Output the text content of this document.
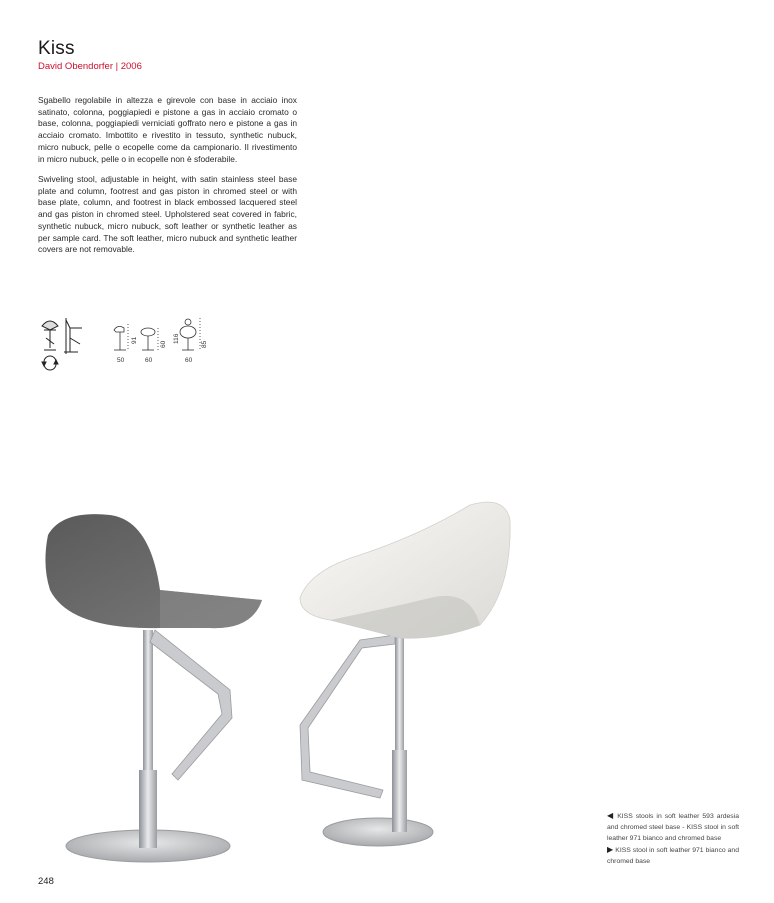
Kiss
David Obendorfer | 2006

Sgabello regolabile in altezza e girevole con base in acciaio inox satinato, colonna, poggiapiedi e pistone a gas in acciaio cromato o base, colonna, poggiapiedi verniciati goffrato nero e pistone a gas in acciaio cromato. Imbottito e rivestito in tessuto, synthetic nubuck, micro nubuck, pelle o ecopelle come da campionario. Il rivestimento in micro nubuck, pelle o in ecopelle non è sfoderabile.

Swiveling stool, adjustable in height, with satin stainless steel base plate and column, footrest and gas piston in chromed steel or with base plate, column, and footrest in black embossed lacquered steel and gas piston in chromed steel. Upholstered seat covered in fabric, synthetic nubuck, micro nubuck, soft leather or synthetic leather as per sample card. The soft leather, micro nubuck and synthetic leather covers are not removable.

91
50
60
60
116
85
60
◀ KISS stools in soft leather 593 ardesia and chromed steel base - KISS stool in soft leather 971 bianco and chromed base
▶ KISS stool in soft leather 971 bianco and chromed base
248
